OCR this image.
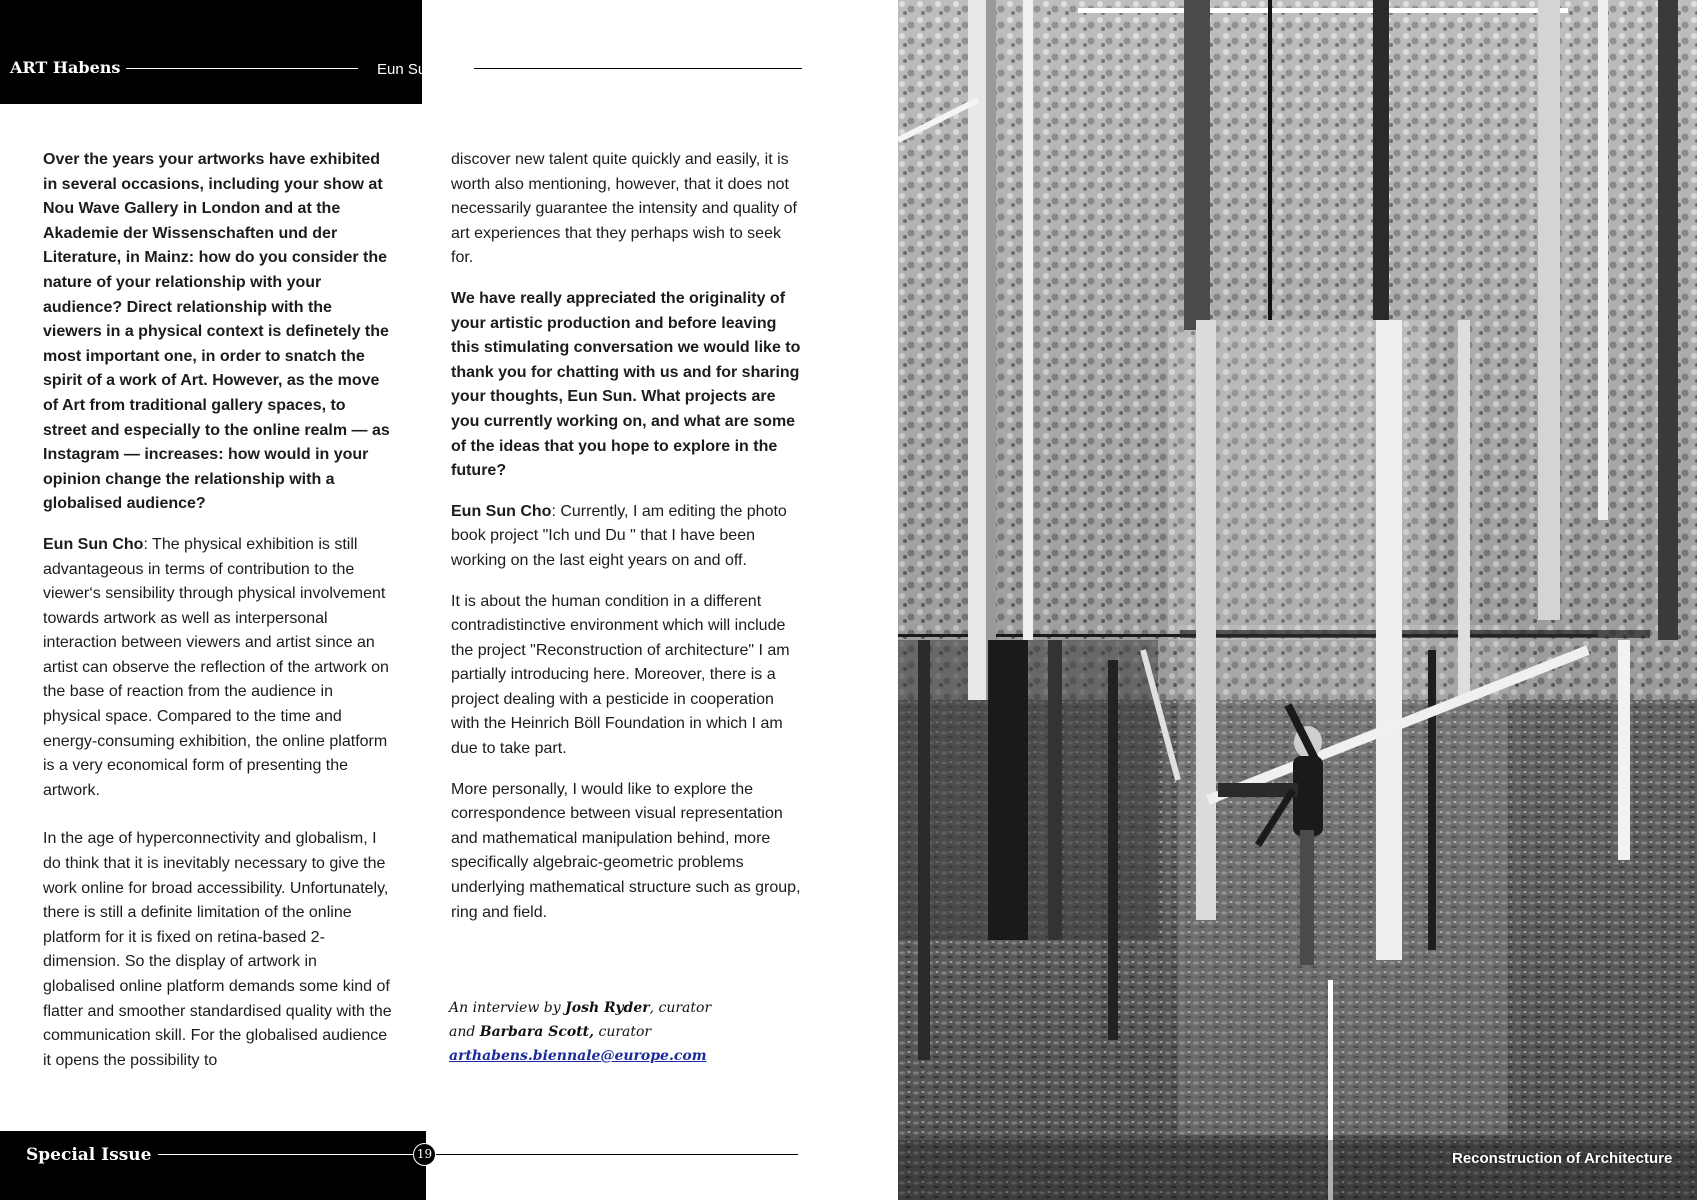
ART Habens	Eun Sun Cho

Over the years your artworks have exhibited in several occasions, including your show at Nou Wave Gallery in London and at the Akademie der Wissenschaften und der Literature, in Mainz: how do you consider the nature of your relationship with your audience? Direct relationship with the viewers in a physical context is definetely the most important one, in order to snatch the spirit of a work of Art. However, as the move of Art from traditional gallery spaces, to street and especially to the online realm — as Instagram — increases: how would in your opinion change the relationship with a globalised audience?

Eun Sun Cho: The physical exhibition is still advantageous in terms of contribution to the viewer‘s sensibility through physical involvement towards artwork as well as interpersonal interaction between viewers and artist since an artist can observe the reflection of the artwork on the base of reaction from the audience in physical space. Compared to the time and energy-consuming exhibition, the online platform is a very economical form of presenting the artwork.

In the age of hyperconnectivity and globalism, I do think that it is inevitably necessary to give the work online for broad accessibility. Unfortunately, there is still a definite limitation of the online platform for it is fixed on retina-based 2-dimension. So the display of artwork in globalised online platform demands some kind of flatter and smoother standardised quality with the communication skill. For the globalised audience it opens the possibility to

discover new talent quite quickly and easily, it is worth also mentioning, however, that it does not necessarily guarantee the intensity and quality of art experiences that they perhaps wish to seek for.

We have really appreciated the originality of your artistic production and before leaving this stimulating conversation we would like to thank you for chatting with us and for sharing your thoughts, Eun Sun. What projects are you currently working on, and what are some of the ideas that you hope to explore in the future?

Eun Sun Cho: Currently, I am editing the photo book project "Ich und Du " that I have been working on the last eight years on and off.

It is about the human condition in a different contradistinctive environment which will include the project "Reconstruction of architecture" I am partially introducing here. Moreover, there is a project dealing with a pesticide in cooperation with the Heinrich Böll Foundation in which I am due to take part.

More personally, I would like to explore the correspondence between visual representation and mathematical manipulation behind, more specifically algebraic-geometric problems underlying mathematical structure such as group, ring and field.

An interview by Josh Ryder, curator
and Barbara Scott, curator
arthabens.biennale@europe.com
Special Issue	19	Reconstruction of Architecture
